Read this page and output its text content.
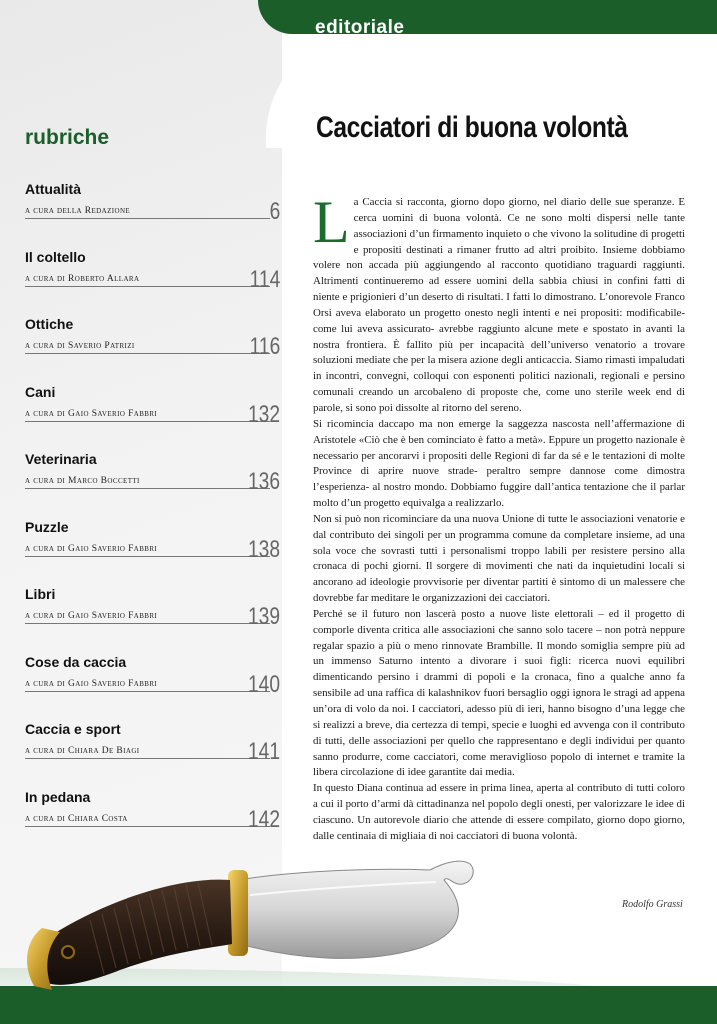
editoriale
rubriche
Attualità
a cura della Redazione	6
Il coltello
a cura di Roberto Allara	114
Ottiche
a cura di Saverio Patrizi	116
Cani
a cura di Gaio Saverio Fabbri	132
Veterinaria
a cura di Marco Boccetti	136
Puzzle
a cura di Gaio Saverio Fabbri	138
Libri
a cura di Gaio Saverio Fabbri	139
Cose da caccia
a cura di Gaio Saverio Fabbri	140
Caccia e sport
a cura di Chiara De Biagi	141
In pedana
a cura di Chiara Costa	142
Cacciatori di buona volontà

La Caccia si racconta, giorno dopo giorno, nel diario delle sue speranze. E cerca uomini di buona volontà. Ce ne sono molti dispersi nelle tante associazioni d’un firmamento inquieto o che vivono la solitudine di progetti e propositi destinati a rimaner frutto ad altri proibito. Insieme dobbiamo volere non accada più aggiungendo al racconto quotidiano traguardi raggiunti. Altrimenti continueremo ad essere uomini della sabbia chiusi in confini fatti di niente e prigionieri d’un deserto di risultati. I fatti lo dimostrano. L’onorevole Franco Orsi aveva elaborato un progetto onesto negli intenti e nei propositi: modificabile- come lui aveva assicurato- avrebbe raggiunto alcune mete e spostato in avanti la nostra frontiera. È fallito più per incapacità dell’universo venatorio a trovare soluzioni mediate che per la misera azione degli anticaccia. Siamo rimasti impaludati in incontri, convegni, colloqui con esponenti politici nazionali, regionali e persino comunali creando un arcobaleno di proposte che, come uno sterile week end di parole, si sono poi dissolte al ritorno del sereno.

Si ricomincia daccapo ma non emerge la saggezza nascosta nell’affermazione di Aristotele «Ciò che è ben cominciato è fatto a metà». Eppure un progetto nazionale è necessario per ancorarvi i propositi delle Regioni di far da sé e le tentazioni di molte Province di aprire nuove strade- peraltro sempre dannose come dimostra l’esperienza- al nostro mondo. Dobbiamo fuggire dall’antica tentazione che il parlar molto d’un progetto equivalga a realizzarlo.

Non si può non ricominciare da una nuova Unione di tutte le associazioni venatorie e dal contributo dei singoli per un programma comune da completare insieme, ad una sola voce che sovrasti tutti i personalismi troppo labili per resistere persino alla cronaca di pochi giorni. Il sorgere di movimenti che nati da inquietudini locali si ancorano ad ideologie provvisorie per diventar partiti è sintomo di un malessere che dovrebbe far meditare le organizzazioni dei cacciatori.

Perché se il futuro non lascerà posto a nuove liste elettorali – ed il progetto di comporle diventa critica alle associazioni che sanno solo tacere – non potrà neppure regalar spazio a più o meno rinnovate Brambille. Il mondo somiglia sempre più ad un immenso Saturno intento a divorare i suoi figli: ricerca nuovi equilibri dimenticando persino i drammi di popoli e la cronaca, fino a qualche anno fa sensibile ad una raffica di kalashnikov fuori bersaglio oggi ignora le stragi ad appena un’ora di volo da noi. I cacciatori, adesso più di ieri, hanno bisogno d’una legge che si realizzi a breve, dia certezza di tempi, specie e luoghi ed avvenga con il contributo di tutti, delle associazioni per quello che rappresentano e degli individui per quanto sanno produrre, come cacciatori, come meraviglioso popolo di internet e tramite la libera circolazione di idee garantite dai media.

In questo Diana continua ad essere in prima linea, aperta al contributo di tutti coloro a cui il porto d’armi dà cittadinanza nel popolo degli onesti, per valorizzare le idee di ciascuno. Un autorevole diario che attende di essere compilato, giorno dopo giorno, dalle centinaia di migliaia di noi cacciatori di buona volontà.

Rodolfo Grassi
